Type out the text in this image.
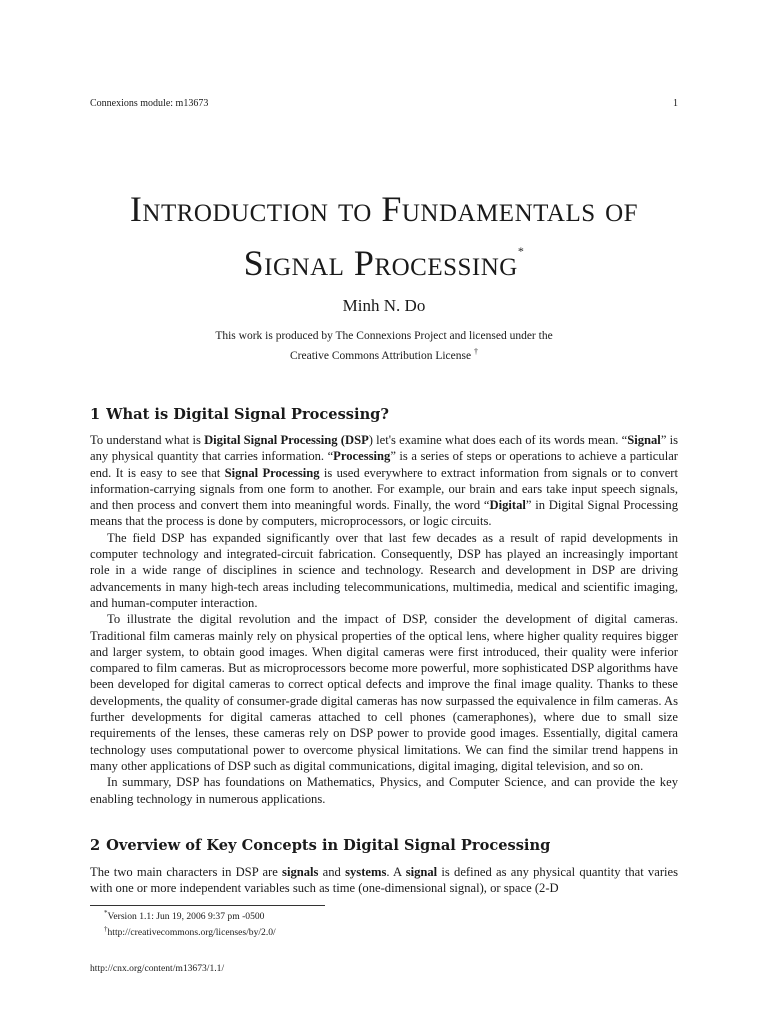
Connexions module: m13673	1
Introduction to Fundamentals of
Signal Processing*
Minh N. Do
This work is produced by The Connexions Project and licensed under the
Creative Commons Attribution License †
1 What is Digital Signal Processing?

To understand what is Digital Signal Processing (DSP) let's examine what does each of its words mean. “Signal” is any physical quantity that carries information. “Processing” is a series of steps or operations to achieve a particular end. It is easy to see that Signal Processing is used everywhere to extract information from signals or to convert information-carrying signals from one form to another. For example, our brain and ears take input speech signals, and then process and convert them into meaningful words. Finally, the word “Digital” in Digital Signal Processing means that the process is done by computers, microprocessors, or logic circuits.

The field DSP has expanded significantly over that last few decades as a result of rapid developments in computer technology and integrated-circuit fabrication. Consequently, DSP has played an increasingly important role in a wide range of disciplines in science and technology. Research and development in DSP are driving advancements in many high-tech areas including telecommunications, multimedia, medical and scientific imaging, and human-computer interaction.

To illustrate the digital revolution and the impact of DSP, consider the development of digital cameras. Traditional film cameras mainly rely on physical properties of the optical lens, where higher quality requires bigger and larger system, to obtain good images. When digital cameras were first introduced, their quality were inferior compared to film cameras. But as microprocessors become more powerful, more sophisticated DSP algorithms have been developed for digital cameras to correct optical defects and improve the final image quality. Thanks to these developments, the quality of consumer-grade digital cameras has now surpassed the equivalence in film cameras. As further developments for digital cameras attached to cell phones (cameraphones), where due to small size requirements of the lenses, these cameras rely on DSP power to provide good images. Essentially, digital camera technology uses computational power to overcome physical limitations. We can find the similar trend happens in many other applications of DSP such as digital communications, digital imaging, digital television, and so on.

In summary, DSP has foundations on Mathematics, Physics, and Computer Science, and can provide the key enabling technology in numerous applications.

2 Overview of Key Concepts in Digital Signal Processing

The two main characters in DSP are signals and systems. A signal is defined as any physical quantity that varies with one or more independent variables such as time (one-dimensional signal), or space (2-D

*Version 1.1: Jun 19, 2006 9:37 pm -0500
†http://creativecommons.org/licenses/by/2.0/
http://cnx.org/content/m13673/1.1/
